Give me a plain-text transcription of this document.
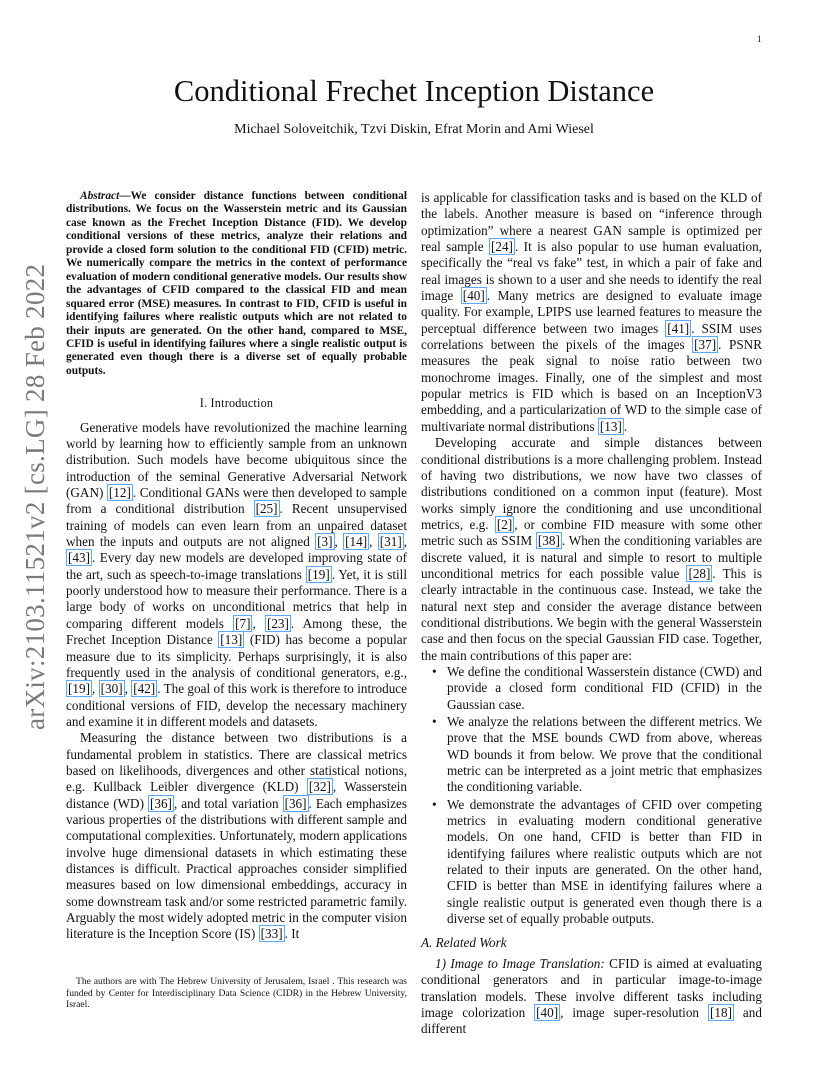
1
arXiv:2103.11521v2 [cs.LG] 28 Feb 2022
Conditional Frechet Inception Distance
Michael Soloveitchik, Tzvi Diskin, Efrat Morin and Ami Wiesel

Abstract—We consider distance functions between conditional distributions. We focus on the Wasserstein metric and its Gaussian case known as the Frechet Inception Distance (FID). We develop conditional versions of these metrics, analyze their relations and provide a closed form solution to the conditional FID (CFID) metric. We numerically compare the metrics in the context of performance evaluation of modern conditional generative models. Our results show the advantages of CFID compared to the classical FID and mean squared error (MSE) measures. In contrast to FID, CFID is useful in identifying failures where realistic outputs which are not related to their inputs are generated. On the other hand, compared to MSE, CFID is useful in identifying failures where a single realistic output is generated even though there is a diverse set of equally probable outputs.

I. Introduction

Generative models have revolutionized the machine learning world by learning how to efficiently sample from an unknown distribution. Such models have become ubiquitous since the introduction of the seminal Generative Adversarial Network (GAN) [12] . Conditional GANs were then developed to sample from a conditional distribution [25] . Recent unsupervised training of models can even learn from an unpaired dataset when the inputs and outputs are not aligned [3] , [14] , [31] , [43] . Every day new models are developed improving state of the art, such as speech-to-image translations [19] . Yet, it is still poorly understood how to measure their performance. There is a large body of works on unconditional metrics that help in comparing different models [7] , [23] . Among these, the Frechet Inception Distance [13] (FID) has become a popular measure due to its simplicity. Perhaps surprisingly, it is also frequently used in the analysis of conditional generators, e.g., [19] , [30] , [42] . The goal of this work is therefore to introduce conditional versions of FID, develop the necessary machinery and examine it in different models and datasets.

Measuring the distance between two distributions is a fundamental problem in statistics. There are classical metrics based on likelihoods, divergences and other statistical notions, e.g. Kullback Leibler divergence (KLD) [32] , Wasserstein distance (WD) [36] , and total variation [36] . Each emphasizes various properties of the distributions with different sample and computational complexities. Unfortunately, modern applications involve huge dimensional datasets in which estimating these distances is difficult. Practical approaches consider simplified measures based on low dimensional embeddings, accuracy in some downstream task and/or some restricted parametric family. Arguably the most widely adopted metric in the computer vision literature is the Inception Score (IS) [33] . It

The authors are with The Hebrew University of Jerusalem, Israel . This research was funded by Center for Interdisciplinary Data Science (CIDR) in the Hebrew University, Israel.

is applicable for classification tasks and is based on the KLD of the labels. Another measure is based on “inference through optimization” where a nearest GAN sample is optimized per real sample [24] . It is also popular to use human evaluation, specifically the “real vs fake” test, in which a pair of fake and real images is shown to a user and she needs to identify the real image [40] . Many metrics are designed to evaluate image quality. For example, LPIPS use learned features to measure the perceptual difference between two images [41] . SSIM uses correlations between the pixels of the images [37] . PSNR measures the peak signal to noise ratio between two monochrome images. Finally, one of the simplest and most popular metrics is FID which is based on an InceptionV3 embedding, and a particularization of WD to the simple case of multivariate normal distributions [13] .

Developing accurate and simple distances between conditional distributions is a more challenging problem. Instead of having two distributions, we now have two classes of distributions conditioned on a common input (feature). Most works simply ignore the conditioning and use unconditional metrics, e.g. [2] , or combine FID measure with some other metric such as SSIM [38] . When the conditioning variables are discrete valued, it is natural and simple to resort to multiple unconditional metrics for each possible value [28] . This is clearly intractable in the continuous case. Instead, we take the natural next step and consider the average distance between conditional distributions. We begin with the general Wasserstein case and then focus on the special Gaussian FID case. Together, the main contributions of this paper are:

• We define the conditional Wasserstein distance (CWD) and provide a closed form conditional FID (CFID) in the Gaussian case.
• We analyze the relations between the different metrics. We prove that the MSE bounds CWD from above, whereas WD bounds it from below. We prove that the conditional metric can be interpreted as a joint metric that emphasizes the conditioning variable.
• We demonstrate the advantages of CFID over competing metrics in evaluating modern conditional generative models. On one hand, CFID is better than FID in identifying failures where realistic outputs which are not related to their inputs are generated. On the other hand, CFID is better than MSE in identifying failures where a single realistic output is generated even though there is a diverse set of equally probable outputs.
A. Related Work

1) Image to Image Translation: CFID is aimed at evaluating conditional generators and in particular image-to-image translation models. These involve different tasks including image colorization [40] , image super-resolution [18] and different
